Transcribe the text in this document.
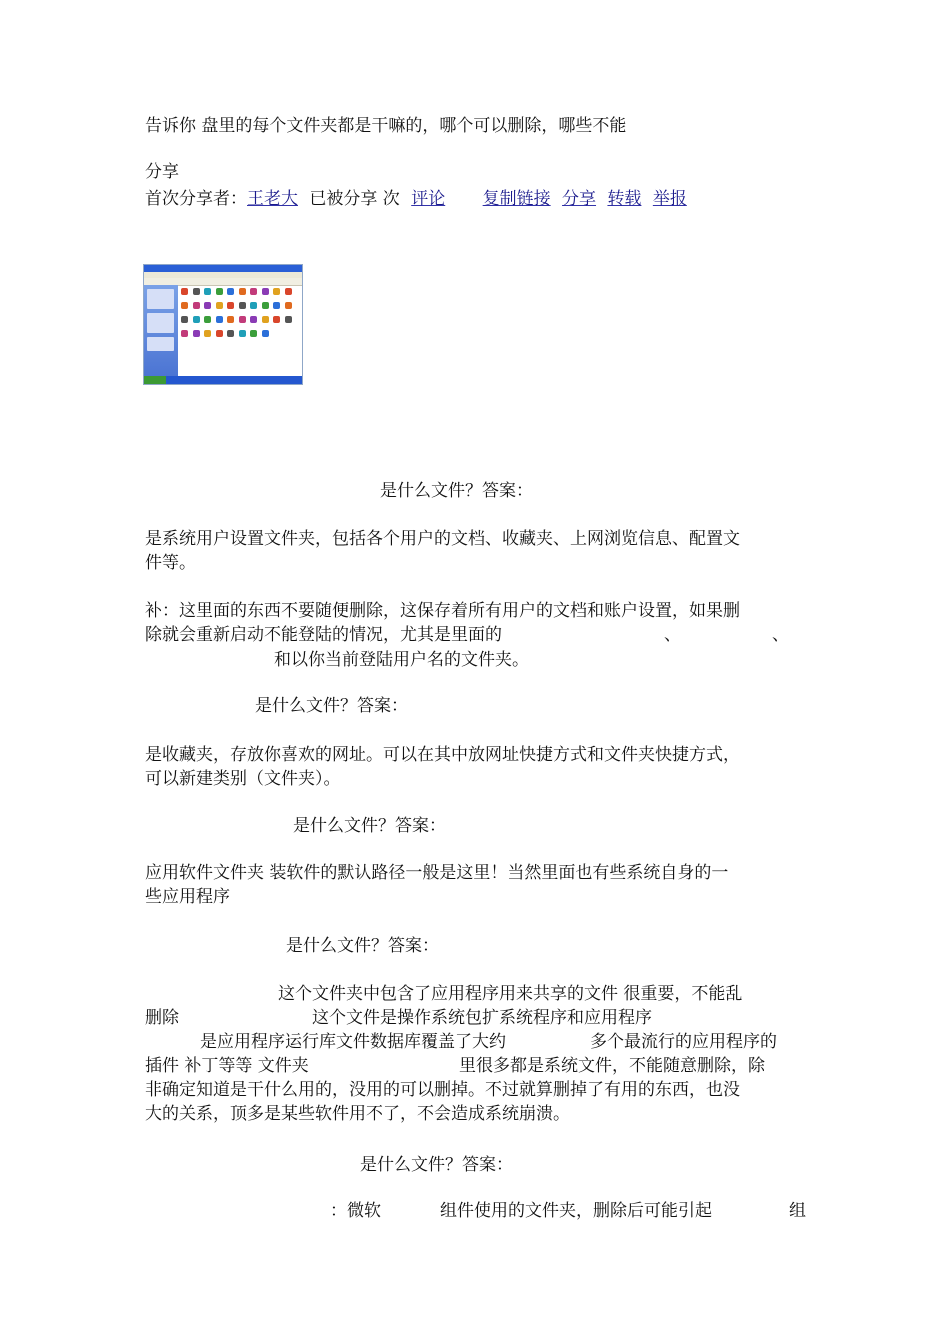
告诉你 盘里的每个文件夹都是干嘛的，哪个可以删除，哪些不能
分享
首次分享者：王老大 已被分享 次 评论 复制链接 分享 转载 举报
是什么文件？答案：
是系统用户设置文件夹，包括各个用户的文档、收藏夹、上网浏览信息、配置文
件等。
补：这里面的东西不要随便删除，这保存着所有用户的文档和账户设置，如果删
除就会重新启动不能登陆的情况，尤其是里面的	、	、
和以你当前登陆用户名的文件夹。
是什么文件？答案：
是收藏夹，存放你喜欢的网址。可以在其中放网址快捷方式和文件夹快捷方式，
可以新建类别（文件夹）。
是什么文件？答案：
应用软件文件夹 装软件的默认路径一般是这里！当然里面也有些系统自身的一
些应用程序
是什么文件？答案：
这个文件夹中包含了应用程序用来共享的文件 很重要，不能乱
删除	这个文件是操作系统包扩系统程序和应用程序
是应用程序运行库文件数据库覆盖了大约	多个最流行的应用程序的
插件 补丁等等 文件夹	里很多都是系统文件，不能随意删除，除
非确定知道是干什么用的，没用的可以删掉。不过就算删掉了有用的东西，也没
大的关系，顶多是某些软件用不了，不会造成系统崩溃。
是什么文件？答案：
：微软	组件使用的文件夹，删除后可能引起	组
